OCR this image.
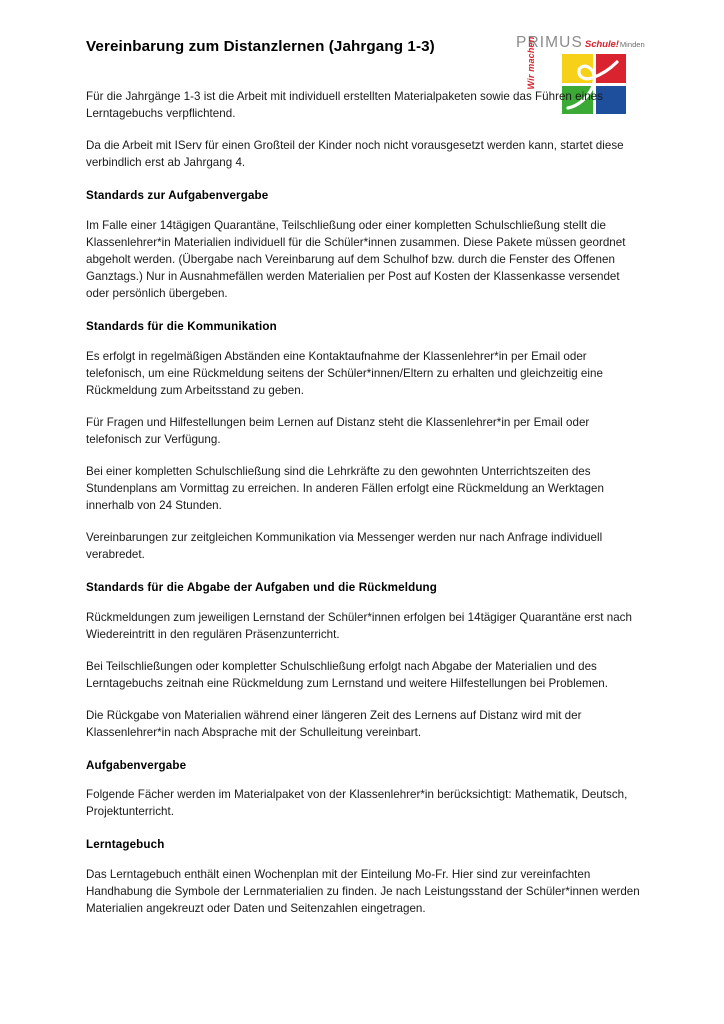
Vereinbarung zum Distanzlernen (Jahrgang 1-3)	PRIMUS Schule! Minden
Wir machen

Für die Jahrgänge 1-3 ist die Arbeit mit individuell erstellten Materialpaketen sowie das Führen eines Lerntagebuchs verpflichtend.

Da die Arbeit mit IServ für einen Großteil der Kinder noch nicht vorausgesetzt werden kann, startet diese verbindlich erst ab Jahrgang 4.

Standards zur Aufgabenvergabe

Im Falle einer 14tägigen Quarantäne, Teilschließung oder einer kompletten Schulschließung stellt die Klassenlehrer*in Materialien individuell für die Schüler*innen zusammen. Diese Pakete müssen geordnet abgeholt werden. (Übergabe nach Vereinbarung auf dem Schulhof bzw. durch die Fenster des Offenen Ganztags.) Nur in Ausnahmefällen werden Materialien per Post auf Kosten der Klassenkasse versendet oder persönlich übergeben.

Standards für die Kommunikation

Es erfolgt in regelmäßigen Abständen eine Kontaktaufnahme der Klassenlehrer*in per Email oder telefonisch, um eine Rückmeldung seitens der Schüler*innen/Eltern zu erhalten und gleichzeitig eine Rückmeldung zum Arbeitsstand zu geben.

Für Fragen und Hilfestellungen beim Lernen auf Distanz steht die Klassenlehrer*in per Email oder telefonisch zur Verfügung.

Bei einer kompletten Schulschließung sind die Lehrkräfte zu den gewohnten Unterrichtszeiten des Stundenplans am Vormittag zu erreichen. In anderen Fällen erfolgt eine Rückmeldung an Werktagen innerhalb von 24 Stunden.

Vereinbarungen zur zeitgleichen Kommunikation via Messenger werden nur nach Anfrage individuell verabredet.

Standards für die Abgabe der Aufgaben und die Rückmeldung

Rückmeldungen zum jeweiligen Lernstand der Schüler*innen erfolgen bei 14tägiger Quarantäne erst nach Wiedereintritt in den regulären Präsenzunterricht.

Bei Teilschließungen oder kompletter Schulschließung erfolgt nach Abgabe der Materialien und des Lerntagebuchs zeitnah eine Rückmeldung zum Lernstand und weitere Hilfestellungen bei Problemen.

Die Rückgabe von Materialien während einer längeren Zeit des Lernens auf Distanz wird mit der Klassenlehrer*in nach Absprache mit der Schulleitung vereinbart.

Aufgabenvergabe

Folgende Fächer werden im Materialpaket von der Klassenlehrer*in berücksichtigt: Mathematik, Deutsch, Projektunterricht.

Lerntagebuch

Das Lerntagebuch enthält einen Wochenplan mit der Einteilung Mo-Fr. Hier sind zur vereinfachten Handhabung die Symbole der Lernmaterialien zu finden. Je nach Leistungsstand der Schüler*innen werden Materialien angekreuzt oder Daten und Seitenzahlen eingetragen.
